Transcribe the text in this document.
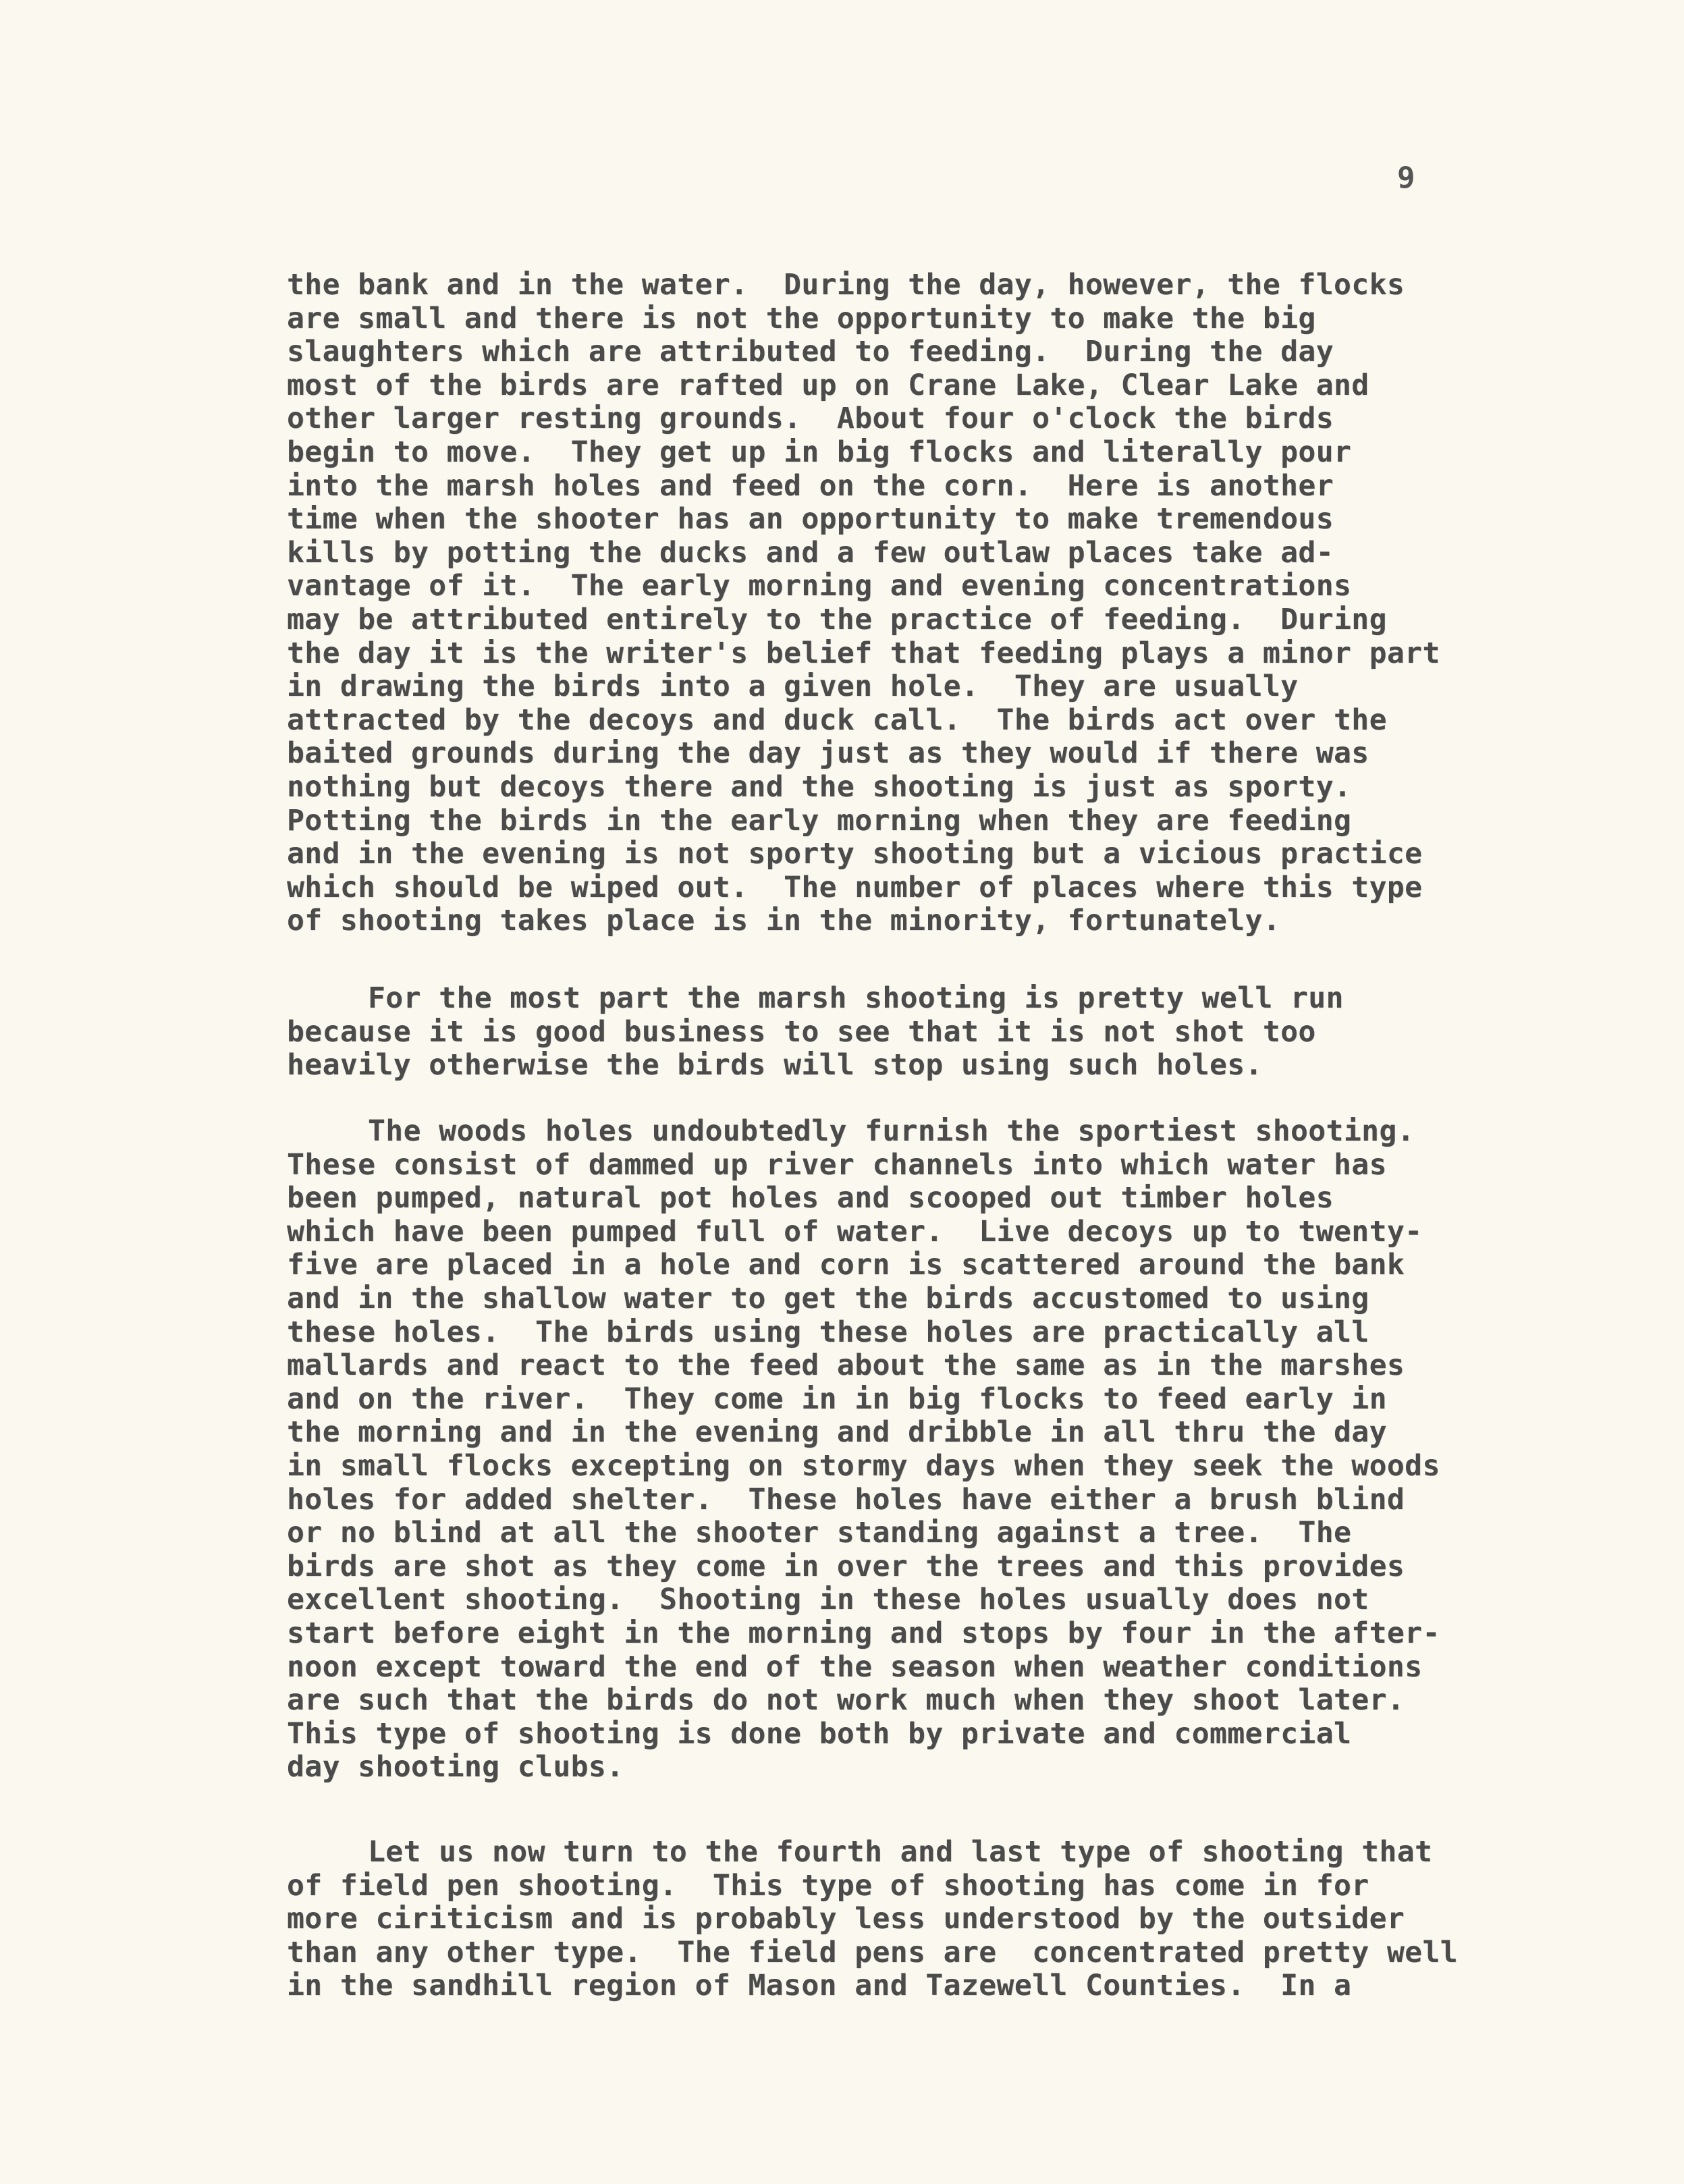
9
the bank and in the water.  During the day, however, the flocks
are small and there is not the opportunity to make the big
slaughters which are attributed to feeding.  During the day
most of the birds are rafted up on Crane Lake, Clear Lake and
other larger resting grounds.  About four o'clock the birds
begin to move.  They get up in big flocks and literally pour
into the marsh holes and feed on the corn.  Here is another
time when the shooter has an opportunity to make tremendous
kills by potting the ducks and a few outlaw places take ad-
vantage of it.  The early morning and evening concentrations
may be attributed entirely to the practice of feeding.  During
the day it is the writer's belief that feeding plays a minor part
in drawing the birds into a given hole.  They are usually
attracted by the decoys and duck call.  The birds act over the
baited grounds during the day just as they would if there was
nothing but decoys there and the shooting is just as sporty.
Potting the birds in the early morning when they are feeding
and in the evening is not sporty shooting but a vicious practice
which should be wiped out.  The number of places where this type
of shooting takes place is in the minority, fortunately.
For the most part the marsh shooting is pretty well run
because it is good business to see that it is not shot too
heavily otherwise the birds will stop using such holes.
The woods holes undoubtedly furnish the sportiest shooting.
These consist of dammed up river channels into which water has
been pumped, natural pot holes and scooped out timber holes
which have been pumped full of water.  Live decoys up to twenty-
five are placed in a hole and corn is scattered around the bank
and in the shallow water to get the birds accustomed to using
these holes.  The birds using these holes are practically all
mallards and react to the feed about the same as in the marshes
and on the river.  They come in in big flocks to feed early in
the morning and in the evening and dribble in all thru the day
in small flocks excepting on stormy days when they seek the woods
holes for added shelter.  These holes have either a brush blind
or no blind at all the shooter standing against a tree.  The
birds are shot as they come in over the trees and this provides
excellent shooting.  Shooting in these holes usually does not
start before eight in the morning and stops by four in the after-
noon except toward the end of the season when weather conditions
are such that the birds do not work much when they shoot later.
This type of shooting is done both by private and commercial
day shooting clubs.
Let us now turn to the fourth and last type of shooting that
of field pen shooting.  This type of shooting has come in for
more ciriticism and is probably less understood by the outsider
than any other type.  The field pens are  concentrated pretty well
in the sandhill region of Mason and Tazewell Counties.  In a
